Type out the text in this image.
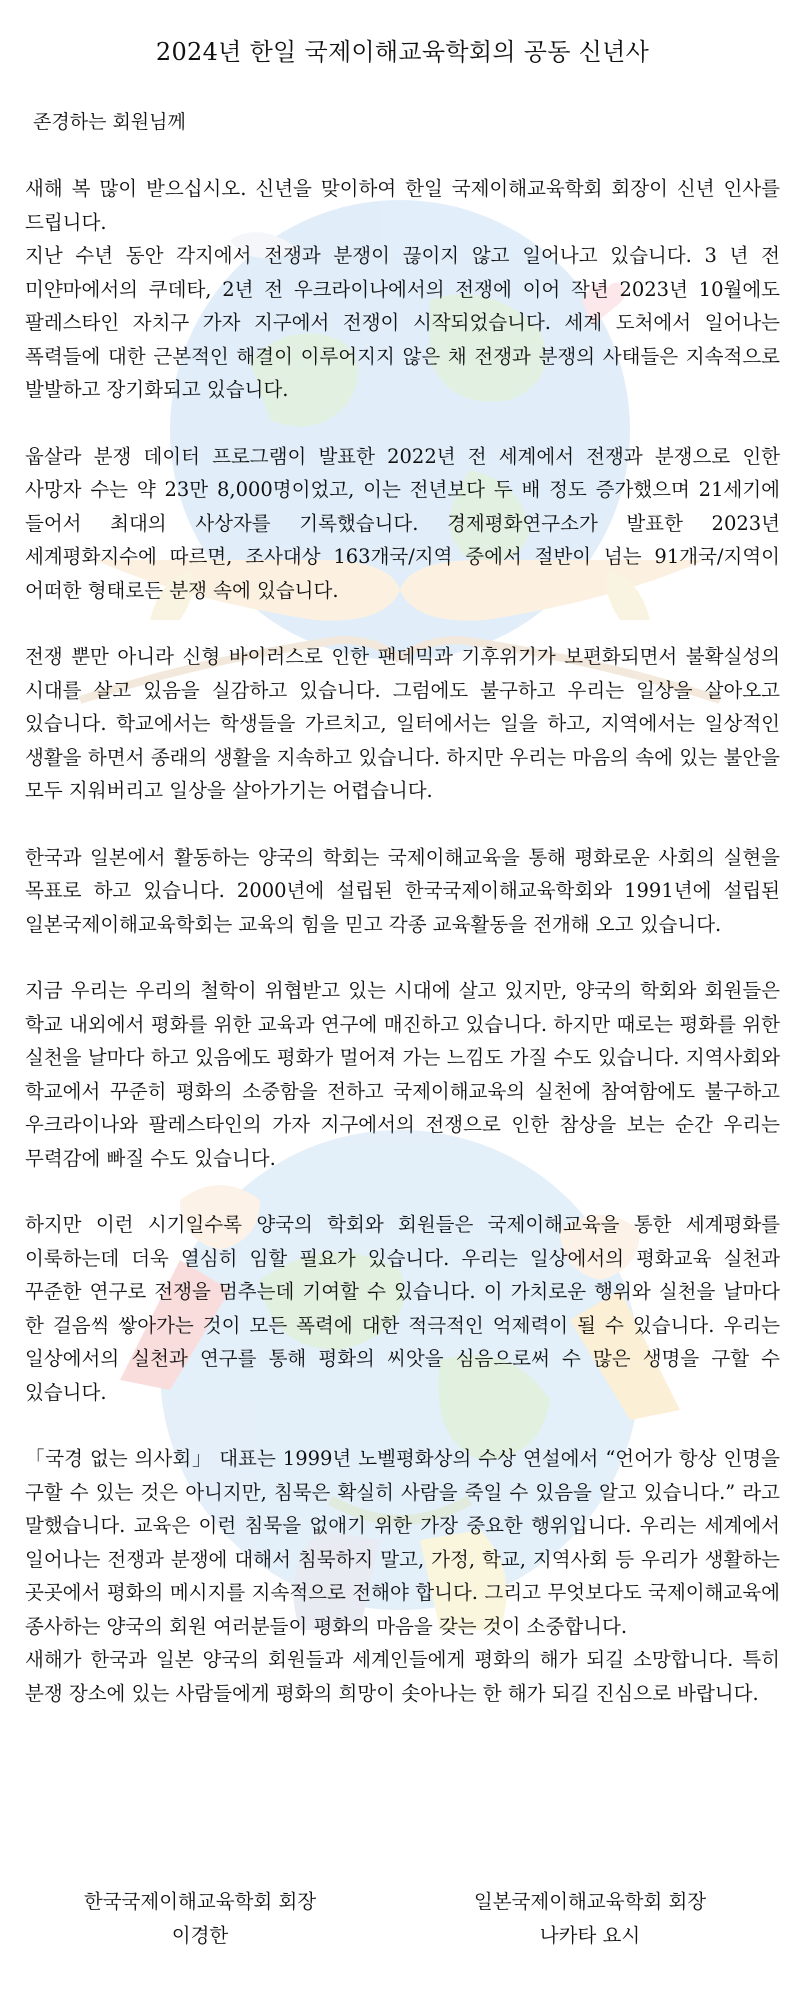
2024년 한일 국제이해교육학회의 공동 신년사

존경하는 회원님께

새해 복 많이 받으십시오. 신년을 맞이하여 한일 국제이해교육학회 회장이 신년 인사를 드립니다.

지난 수년 동안 각지에서 전쟁과 분쟁이 끊이지 않고 일어나고 있습니다. 3 년 전 미얀마에서의 쿠데타, 2년 전 우크라이나에서의 전쟁에 이어 작년 2023년 10월에도 팔레스타인 자치구 가자 지구에서 전쟁이 시작되었습니다. 세계 도처에서 일어나는 폭력들에 대한 근본적인 해결이 이루어지지 않은 채 전쟁과 분쟁의 사태들은 지속적으로 발발하고 장기화되고 있습니다.

웁살라 분쟁 데이터 프로그램이 발표한 2022년 전 세계에서 전쟁과 분쟁으로 인한 사망자 수는 약 23만 8,000명이었고, 이는 전년보다 두 배 정도 증가했으며 21세기에 들어서 최대의 사상자를 기록했습니다. 경제평화연구소가 발표한 2023년 세계평화지수에 따르면, 조사대상 163개국/지역 중에서 절반이 넘는 91개국/지역이 어떠한 형태로든 분쟁 속에 있습니다.

전쟁 뿐만 아니라 신형 바이러스로 인한 팬데믹과 기후위기가 보편화되면서 불확실성의 시대를 살고 있음을 실감하고 있습니다. 그럼에도 불구하고 우리는 일상을 살아오고 있습니다. 학교에서는 학생들을 가르치고, 일터에서는 일을 하고, 지역에서는 일상적인 생활을 하면서 종래의 생활을 지속하고 있습니다. 하지만 우리는 마음의 속에 있는 불안을 모두 지워버리고 일상을 살아가기는 어렵습니다.

한국과 일본에서 활동하는 양국의 학회는 국제이해교육을 통해 평화로운 사회의 실현을 목표로 하고 있습니다. 2000년에 설립된 한국국제이해교육학회와 1991년에 설립된 일본국제이해교육학회는 교육의 힘을 믿고 각종 교육활동을 전개해 오고 있습니다.

지금 우리는 우리의 철학이 위협받고 있는 시대에 살고 있지만, 양국의 학회와 회원들은 학교 내외에서 평화를 위한 교육과 연구에 매진하고 있습니다. 하지만 때로는 평화를 위한 실천을 날마다 하고 있음에도 평화가 멀어져 가는 느낌도 가질 수도 있습니다. 지역사회와 학교에서 꾸준히 평화의 소중함을 전하고 국제이해교육의 실천에 참여함에도 불구하고 우크라이나와 팔레스타인의 가자 지구에서의 전쟁으로 인한 참상을 보는 순간 우리는 무력감에 빠질 수도 있습니다.

하지만 이런 시기일수록 양국의 학회와 회원들은 국제이해교육을 통한 세계평화를 이룩하는데 더욱 열심히 임할 필요가 있습니다. 우리는 일상에서의 평화교육 실천과 꾸준한 연구로 전쟁을 멈추는데 기여할 수 있습니다. 이 가치로운 행위와 실천을 날마다 한 걸음씩 쌓아가는 것이 모든 폭력에 대한 적극적인 억제력이 될 수 있습니다. 우리는 일상에서의 실천과 연구를 통해 평화의 씨앗을 심음으로써 수 많은 생명을 구할 수 있습니다.

「국경 없는 의사회」 대표는 1999년 노벨평화상의 수상 연설에서 “언어가 항상 인명을 구할 수 있는 것은 아니지만, 침묵은 확실히 사람을 죽일 수 있음을 알고 있습니다.” 라고 말했습니다. 교육은 이런 침묵을 없애기 위한 가장 중요한 행위입니다. 우리는 세계에서 일어나는 전쟁과 분쟁에 대해서 침묵하지 말고, 가정, 학교, 지역사회 등 우리가 생활하는 곳곳에서 평화의 메시지를 지속적으로 전해야 합니다. 그리고 무엇보다도 국제이해교육에 종사하는 양국의 회원 여러분들이 평화의 마음을 갖는 것이 소중합니다.

새해가 한국과 일본 양국의 회원들과 세계인들에게 평화의 해가 되길 소망합니다. 특히 분쟁 장소에 있는 사람들에게 평화의 희망이 솟아나는 한 해가 되길 진심으로 바랍니다.

한국국제이해교육학회 회장
이경한
일본국제이해교육학회 회장
나카타 요시
